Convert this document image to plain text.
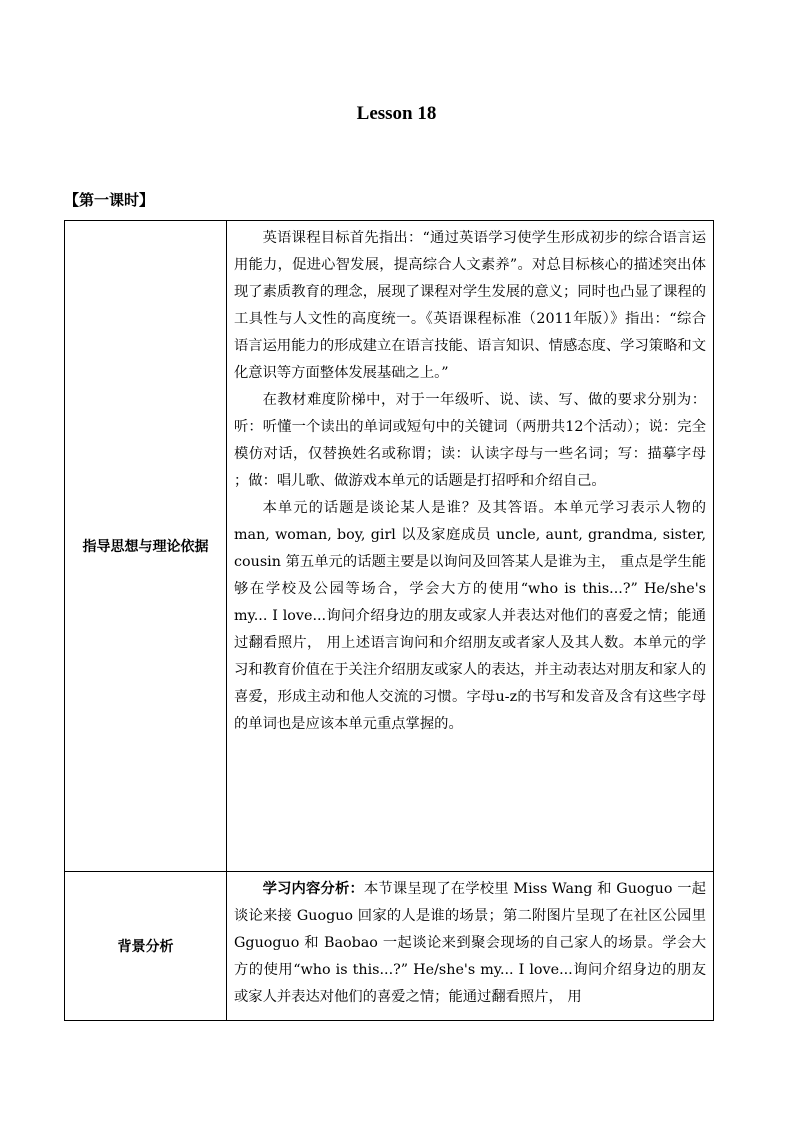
Lesson 18
【第一课时】
指导思想与理论依据	英语课程目标首先指出：“通过英语学习使学生形成初步的综合语言运用能力，促进心智发展，提高综合人文素养”。对总目标核心的描述突出体现了素质教育的理念，展现了课程对学生发展的意义；同时也凸显了课程的工具性与人文性的高度统一。《英语课程标准（2011年版）》指出：“综合语言运用能力的形成建立在语言技能、语言知识、情感态度、学习策略和文化意识等方面整体发展基础之上。”

在教材难度阶梯中，对于一年级听、说、读、写、做的要求分别为：听：听懂一个读出的单词或短句中的关键词（两册共12个活动）；说：完全模仿对话，仅替换姓名或称谓；读：认读字母与一些名词；写：描摹字母 ；做：唱儿歌、做游戏本单元的话题是打招呼和介绍自己。

本单元的话题是谈论某人是谁？及其答语。本单元学习表示人物的 man, woman, boy, girl 以及家庭成员 uncle, aunt, grandma, sister, cousin 第五单元的话题主要是以询问及回答某人是谁为主， 重点是学生能够在学校及公园等场合，学会大方的使用“who is this...?” He/she's my... I love...询问介绍身边的朋友或家人并表达对他们的喜爱之情；能通过翻看照片， 用上述语言询问和介绍朋友或者家人及其人数。本单元的学习和教育价值在于关注介绍朋友或家人的表达，并主动表达对朋友和家人的喜爱，形成主动和他人交流的习惯。字母u-z的书写和发音及含有这些字母的单词也是应该本单元重点掌握的。

背景分析	学习内容分析：本节课呈现了在学校里 Miss Wang 和 Guoguo 一起谈论来接 Guoguo 回家的人是谁的场景；第二附图片呈现了在社区公园里 Gguoguo 和 Baobao 一起谈论来到聚会现场的自己家人的场景。学会大方的使用“who is this...?” He/she's my... I love...询问介绍身边的朋友或家人并表达对他们的喜爱之情；能通过翻看照片， 用
